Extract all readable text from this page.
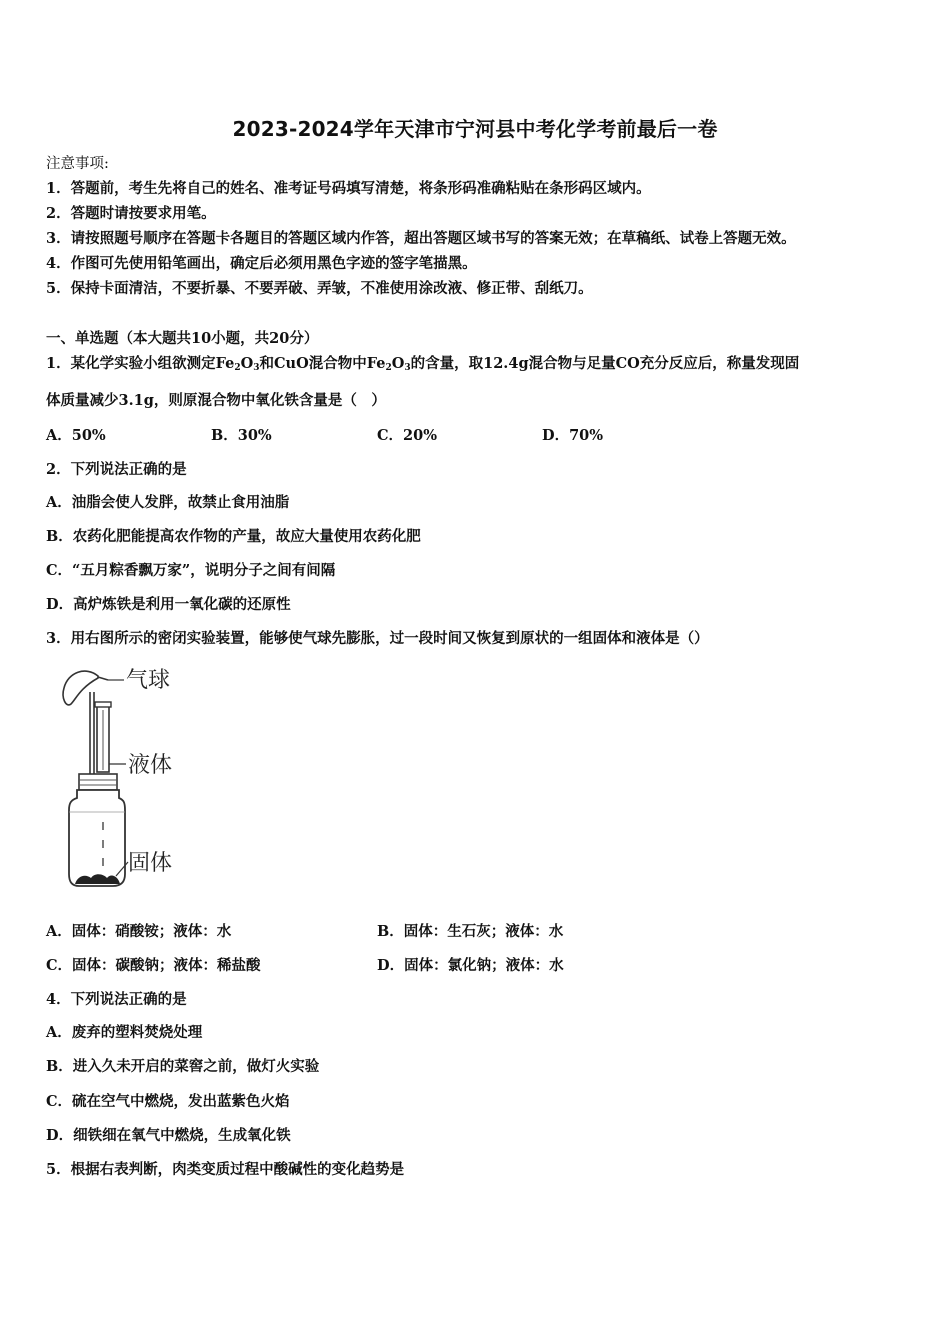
2023-2024学年天津市宁河县中考化学考前最后一卷
注意事项:
1．答题前，考生先将自己的姓名、准考证号码填写清楚，将条形码准确粘贴在条形码区域内。
2．答题时请按要求用笔。
3．请按照题号顺序在答题卡各题目的答题区域内作答，超出答题区域书写的答案无效；在草稿纸、试卷上答题无效。
4．作图可先使用铅笔画出，确定后必须用黑色字迹的签字笔描黑。
5．保持卡面清洁，不要折暴、不要弄破、弄皱，不准使用涂改液、修正带、刮纸刀。
一、单选题（本大题共10小题，共20分）
1．某化学实验小组欲测定$Fe_2O_3$和CuO混合物中$Fe_2O_3$的含量，取12.4g混合物与足量CO充分反应后，称量发现固
体质量减少3.1g，则原混合物中氧化铁含量是（　）
A．50%	B．30%	C．20%	D．70%
2．下列说法正确的是
A．油脂会使人发胖，故禁止食用油脂
B．农药化肥能提高农作物的产量，故应大量使用农药化肥
C．“五月粽香飘万家”，说明分子之间有间隔
D．高炉炼铁是利用一氧化碳的还原性
3．用右图所示的密闭实验装置，能够使气球先膨胀，过一段时间又恢复到原状的一组固体和液体是（）
气球
液体
固体
A．固体：硝酸铵；液体：水	B．固体：生石灰；液体：水
C．固体：碳酸钠；液体：稀盐酸	D．固体：氯化钠；液体：水
4．下列说法正确的是
A．废弃的塑料焚烧处理
B．进入久未开启的菜窖之前，做灯火实验
C．硫在空气中燃烧，发出蓝紫色火焰
D．细铁细在氧气中燃烧，生成氧化铁
5．根据右表判断，肉类变质过程中酸碱性的变化趋势是
